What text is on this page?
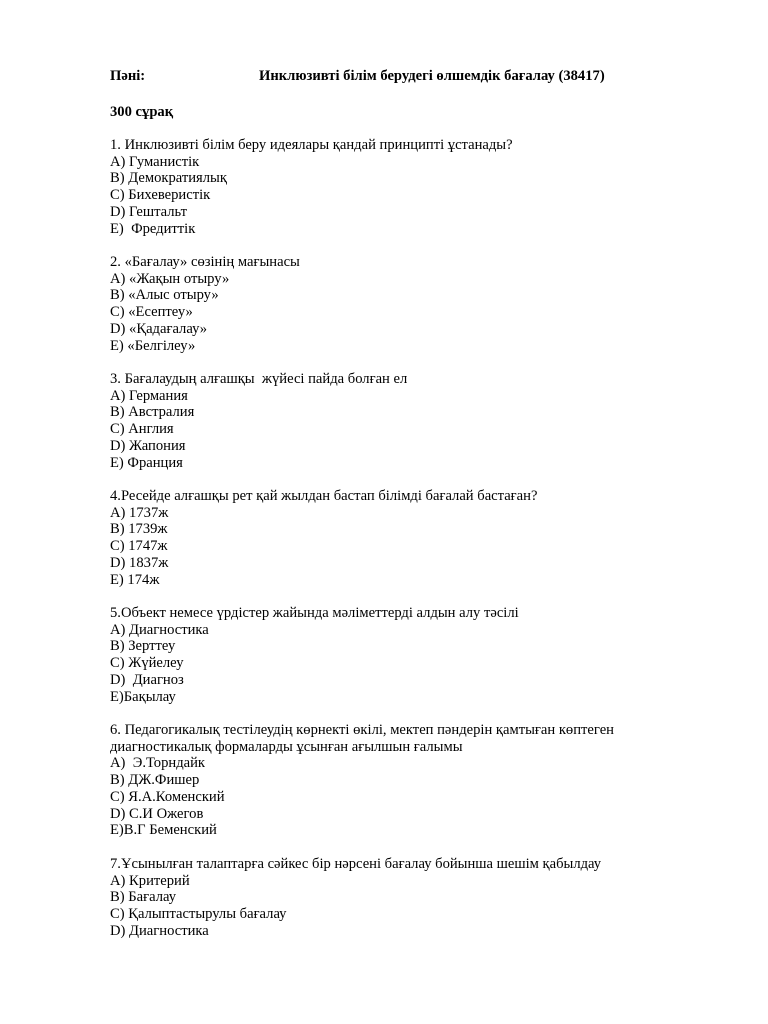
Пәні:	Инклюзивті білім берудегі өлшемдік бағалау (38417)
300 сұрақ
1. Инклюзивті білім беру идеялары қандай принципті ұстанады?
A) Гуманистік
B) Демократиялық
C) Бихеверистік
D) Гештальт
E)  Фредиттік
2. «Бағалау» сөзінің мағынасы
A) «Жақын отыру»
B) «Алыс отыру»
C) «Есептеу»
D) «Қадағалау»
E) «Белгілеу»
3. Бағалаудың алғашқы  жүйесі пайда болған ел
A) Германия
B) Австралия
C) Англия
D) Жапония
E) Франция
4.Ресейде алғашқы рет қай жылдан бастап білімді бағалай бастаған?
A) 1737ж
B) 1739ж
C) 1747ж
D) 1837ж
E) 174ж
5.Объект немесе үрдістер жайында мәліметтерді алдын алу тәсілі
A) Диагностика
B) Зерттеу
C) Жүйелеу
D)  Диагноз
E)Бақылау
6. Педагогикалық тестілеудің көрнекті өкілі, мектеп пәндерін қамтыған көптеген диагностикалық формаларды ұсынған ағылшын ғалымы
A)  Э.Торндайк
B) ДЖ.Фишер
C) Я.А.Коменский
D) С.И Ожегов
E)В.Г Беменский
7.Ұсынылған талаптарға сәйкес бір нәрсені бағалау бойынша шешім қабылдау
A) Критерий
B) Бағалау
C) Қалыптастырулы бағалау
D) Диагностика
